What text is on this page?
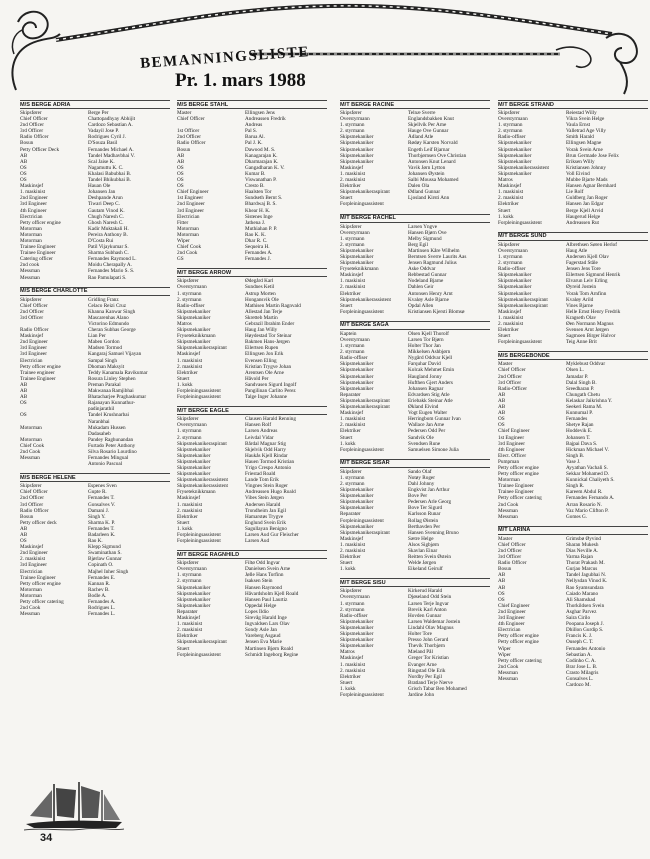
BEMANNINGSLISTE
Pr. 1. mars 1988
M/S BERGE ADRIA
Skipsfører	Berge Per
Chief Officer	Chattopadhyay Abhijit
2nd Officer	Cardozo Sebastian A.
3rd Officer	Vadayil Jose P.
Radio Officer	Rodrigues Cyril J.
Bosun	D'Souza Basil
Petty Officer Deck	Fernandes Michael A.
AB	Tandel Madhavbhai V.
AB	Scal Jaise K.
OS	Nagamuttu K. C.
OS	Khalasi Babubhai B.
OS	Tandel Bhikubhai B.
Maskinsjef	Hauan Ole
1. maskinist	Johansen Jan
2nd Engineer	Deshpande Arun
3rd Engineer	Tiwari Deep C.
4th Engineer	Gautam Vinod K.
Electrician	Chugh Naresh C.
Petty officer engine	Ghosh Naresh C.
Motorman	Kadir Muktakali H.
Motorman	Pereira Anthony B.
Motorman	D'Costa Rui
Trainee Engineer	Patil Vijaykumar S.
Trainee Engineer	Sharma Subhash C.
Catering officer	Fernandes Raymond L.
2nd cook	Moidu Cherapally A.
Messman	Fernandes Mario S. S.
Messman	Rao Pamulapati S.
M/S BERGE CHARLOTTE
Skipsfører	Gridling Franz
Chief Officer	Celaco Reizi Cruz
2nd Officer	Khanna Kanwar Singh
3rd Officer	Mascarenhas Alano
Victorino Edmundo
Radio Officer	Cheran Subhas George
Maskinsjef	Lian Per
2nd Engineer	Maben Gordon
3rd Engineer	Madsen Tormod
3rd Engineer	Kangaraj Samuel Vijayan
Electrician	Sampal Singh
Petty officer engine	Dhoman Maksyit
Trainee engineer	Teddy Kanamala Ravikumar
Trainee Engineer	Rosura Linley Stephen
AB	Preman Parakal
AB	Makwanaa Ramjibhai
AB	Bhatacharjee Praghaskumar
OS	Rajanayan Kunnathur-
padinjarathil
OS	Tandel Krushnarbai
Naranbhai
Motorman	Mukadam Hussen
Dadasaheb
Motorman	Pandey Raghunandan
Chief Cook	Furtado Peter Anthony
2nd Cook	Silva Rosario Lourdino
Messman	Fernandes Mingual
Antonio Pascoal
M/S BERGE HELENE
Skipsfører	Espenes Sven
Chief Officer	Gupte R.
2nd Officer	Fernandes T.
3rd Officer	Gonsalves V.
Radio Officer	Damani J.
Bosun	Singh Y.
Petty officer deck	Sharma K. P.
AB	Fernandes T.
AB	Badarleen K.
OS	Rao K.
Maskinsjef	Klepp Sigmund
2nd Engineer	Swaminathan S.
2. maskinist	Bjørlaw Gunnar
3rd Engineer	Copinath O.
Electrician	Majhel Inher Singh
Trainee Engineer	Fernandes E.
Petty officer engine	Kannan R.
Motorman	Rachev B.
Motorman	Bodle A.
Petty officer catering	Fernandes A.
2nd Cook	Rodrigues L.
Messman	Fernandes L.
M/S BERGE STAHL
Master	Ellingsen Jens
Chief Officer	Andreassen Fredrik
Andreas
1st Officer	Pal S.
2nd Officer	Barua Al.
Radio Officer	Pal J. K.
Bosun	Dawood M. S.
AB	Kanagarajan K.
AB	Dharmarajan K.
OS	Gangadharan K. V.
OS	Kumar B.
OS	Viswanathan P.
OS	Cresto B.
Chief Engineer	Haalsten Tor
1st Engineer	Sundseth Bernt S.
2nd Engineer	Bhardwaj B. S.
3rd Engineer	Khear H. K.
Electrician	Sistenes Inge
Fitter	Jathena J.
Motorman	Muthiahan P. P.
Motorman	Rao K. K.
Wiper	Dhar R. C.
Chief Cook	Sequeira H.
2nd Cook	Fernandes A.
GS	Fernandes J.
M/T BERGE ARROW
Skipsfører	Ødegård Karl
Overstyrmann	Sundnes Ketil
1. styrmann	Astrup Morten
2. styrmann	Hongansvik Ole
Radio-offiser	Mathisen Martin Ragnvald
Skipsmekaniker	Allestad Jan Terje
Skipsmekaniker	Skretteb Martin
Matros	Gebrazil Ibrahim Ender
Skipsmekaniker	Haug Jan Willy
Fryseteknikkmann	Høydestad Tor Steinar
Skipsmekaniker	Bakmen Hans-Jørgen
Skipsmekanikeraspirant	Eilertsen Rupen
Maskinsjef	Ellingsen Jon Erik
1. maskinist	Evensen Elling
2. maskinist	Kristian Trygve Johan
Elektriker	Arentsen Ole Arne
Stuert	Håvold Per
1. kokk	Sandvasen Sigurd Ingolf
Forpleiningsassistent	Pangilinan Carlito Perez
Forpleiningsassistent	Talge Inger Johanne
M/T BERGE EAGLE
Skipsfører	Clausen Harald Renning
Overstyrmann	Hansen Rolf
1. styrmann	Larsen Andreas
2. styrmann	Leivdal Vidar
Skipsmekanikeraspirant	Bårdal Magnar Stig
Skipsmekaniker	Skjelvik Odd Harry
Skipsmekaniker	Haukås Kjell Rindar
Skipsmekaniker	Hauen Tormod Kristian
Skipsmekaniker	Yrigo Crespo Antonio
Skipsmekaniker	Friestad Roald
Skipsmekanikerassistent	Lande Tom Erik
Skipsmekanikerassistent	Vingnes Stein Roger
Fryseteknikkmann	Andreassen Hugo Roald
Maskinsjef	Vibes Stein Jørgen
1. maskinist	Andersen Harald
2. maskinist	Trondheim Jan Egil
Elektriker	Hamarstøs Trygve
Stuert	Englund Svein Erik
1. kokk	Sagullayan Benigno
Forpleiningsassistent	Larsen Aud Gur Fleischer
Forpleiningsassistent	Larsen Aud
M/T BERGE RAGNHILD
Skipsfører	Filtø Odd Ingvar
Overstyrmann	Danielsen Svein Arne
1. styrmann	Jølle Hans Torfinn
2. styrmann	Isaksen Stein
Skipsmekaniker	Hansen Raymond
Skipsmekaniker	Håvardsholm Kjell Roald
Skipsmekaniker	Hansen Paul Laurtiz
Skipsmekaniker	Oppedal Helge
Reparatør	Lopes Ildio
Maskinsjef	Sirevåg Harald Inge
1. maskinist	Ingvaldsen Lars Olav
2. maskinist	Sondy Asle Jan
Elektriker	Vareberg Asgaud
Skipsmekanikeraspirant	Jensen Eva Marie
Stuert	Martinsen Bjørn Roald
Forpleiningsassistent	Schmidt Ingeborg Regine
M/T BERGE RACINE
Skipsfører	Telnæ Sverre
Overstyrmann	Englandsbakken Knut
1. styrmann	Skjellvik Per Arne
2. styrmann	Hauge Ove Gunnar
Skipsmekaniker	Ådland Atle
Skipsmekaniker	Rødøy Karsten Norvald
Skipsmekaniker	Engeth Leif Bjarnar
Skipsmekaniker	Thorbjørnsen Ove Christian
Skipsmekaniker	Antonsen Knut Lenard
Maskinsjef	Vavik Jørn Lytton
1. maskinist	Johansen Øystein
2. maskinist	Salbi Moussa Mohamed
Elektriker	Dalen Ola
Skipsmekanikeraspirant	Ødland Gunnar
Stuert	Ljosland Kirsti Ann
Forpleiningsassistent
M/T BERGE RACHEL
Skipsfører	Larsen Yngve
Overstyrmann	Hansen Bjørn Ove
1. styrmann	Melby Sigmund
2. styrmann	Berg Egil
Skipsmekaniker	Martinsen Kåre Wilhelm
Skipsmekaniker	Berntsen Sverre Laurits Aas
Skipsmekaniker	Jensen Ragmund Julius
Fryseteknikkmann	Aske Oddvar
Maskinsjef	Rebbestad Gunnar
1. maskinist	Nodeland Bjarne
2. maskinist	Dahlen Geir
Elektriker	Antonsen Henry Arnt
Skipsmekanikerassistent	Kvaløy Asle Bjarne
Stuert	Opdal Allen
Forpleiningsassistent	Kristiansen Kjersti Blomsø
M/T BERGE SAGA
Kaptein	Olsen Kjell Thorolf
Overstyrmann	Larsen Tor Bjørn
1. styrmann	Holter Thor Jan
2. styrmann	Mikkelsen Ashbjørn
Radio-offiser	Nygård Oddvar Kjell
Skipsmekaniker	Farquhar David
Skipsmekaniker	Kolcak Mehmet Emin
Skipsmekaniker	Haugland Jonny
Skipsmekaniker	Hufthen Gjert Anders
Skipsmekaniker	Johansen Ragnar
Reparatør	Edvardsen Stig Atle
Skipsmekanikeraspirant	Eriebakk Steinar Atle
Skipsmekanikeraspirant	Økland Eivind
Maskinsjef	Vogt Eugen Walter
1. maskinist	Herringbom Gunnar Ivan
2. maskinist	Wallace Jan Arne
Elektriker	Pedersen Odd Per
Stuert	Sandvik Ole
1. kokk	Svendsen Rune
Forpleiningsassistent	Samuelsen Simone Julia
M/T BERGE SISAR
Skipsfører	Sando Olaf
1. styrmann	Notøy Roger
2. styrmann	Dahl Johnny
Skipsmekaniker	Engkvist Jan Arthur
Skipsmekaniker	Bove Per
Skipsmekaniker	Pedersen Arle Georg
Skipsmekaniker	Bove Ter Sigurd
Reparatør	Karlsson Runar
Forpleiningsassistent	Rollag Øistein
Skipsmekaniker	Berthavden Per
Skipsmekanikeraspirant	Hansen Svenning Bruno
Maskinsjef	Sætre Helge
1. maskinist	Alsos Sigbjørn
2. maskinist	Skavlan Einar
Elektriker	Reitten Svein Østein
Stuert	Welde Jørgen
1. kokk	Eikeland Geirulf
M/T BERGE SISU
Skipsfører	Kirkerud Harald
Overstyrmann	Djøseland Odd Stein
1. styrmann	Larsen Terje Ingvar
2. styrmann	Brevik Karl Anton
Radio-offiser	Hovden Gunnar
Skipsmekaniker	Larsen Waldemar Jostein
Skipsmekaniker	Lindahl Olav Magnus
Skipsmekaniker	Holter Tore
Skipsmekaniker	Presso John Gerard
Skipsmekaniker	Thevik Thorbjørn
Matros	Mæland Pål
Maskinsjef	Greger Tor Kristian
1. maskinist	Evanger Arne
2. maskinist	Ringstad Ole Erik
Elektriker	Nordby Per Egil
Stuert	Bratland Terje Nærve
1. kokk	Grisch Tabar Ben Mohamed
Forpleiningsassistent	Jardine John
M/T BERGE STRAND
Skipsfører	Reiestad Willy
Overstyrmann	Vikra Svein Helge
1. styrmann	Vaula Ernst
2. styrmann	Valletrad Age Villy
Radio-offiser	Smith Harald
Skipsmekaniker	Ellingsen Magne
Skipsmekaniker	Vorak Svein Arne
Skipsmekaniker	Brun Germade Jose Felix
Skipsmekaniker	Eriksen Willy
Skipsmekanikerassistent	Kristiansen Johnny
Skipsmekaniker	Voll Eivind
Matros	Mubbe Bjarte Mads
Maskinsjef	Hansen Agnar Bernhard
1. maskinist	Lie Rolf
2. maskinist	Guldberg Jan Roger
Elektriker	Hansen Jan Edgar
Stuert	Berge Kjell Arvid
1. kokk	Haugerud Helge
Forpleiningsassistent	Andreassen Rut
M/T BERGE SUND
Skipsfører	Albrethsen Søren Herlof
Overstyrmann	Haug Atle
1. styrmann	Andersen Kjell Olav
2. styrmann	Fagerstad Ståle
Radio-offiser	Jensen Jens Tore
Skipsmekaniker	Eilertsen Sigmund Henrik
Skipsmekaniker	Elvarun Leiv Erling
Skipsmekaniker	Øyreid Jostein
Skipsmekaniker	Vorak Tom Arnfinn
Skipsmekanikeraspirant	Kvaløy Arild
Skipsmekanikeraspirant	Vines Bjarne
Maskinsjef	Helle Ernst Henry Fredrik
1. maskinist	Kragseth Olav
2. maskinist	Øen Normann Magnus
Elektriker	Svensen Arnt Jørgen
Stuert	Sagmoen Birger Halvor
Forpleiningsassistent	Teig Anne Brit
M/S BERGEBONDE
Master	Myklebust Oddvar
Chief Officer	Olsen L.
2nd Officer	Jamadar P.
3rd Officer	Dalal Singh B.
Radio-Officer	Sreedharan P.
AB	Chungath Chetu
AB	Kelaskar Jaikrishna Y.
AB	Seekeri Rama M.
AB	Kunnumal P.
OS	Fernandes
OS	Shetye Rajan
Chief Engineer	Hoddevik E.
1st Engineer	Johansen T.
3rd Engineer	Bajpai Dava S.
4th Engineer	Hickman Michael V.
Elect. Officer	Singh B.
Pumpman	Vase J.
Petty officer engine	Ayyathan Vachali S.
Petty officer engine	Sekkar Mohamed D.
Motorman	Kunnickal Chaliyeth S.
Trainee Engineer	Singh R.
Trainee Engineer	Kareem Abdul R.
Petty officer catering	Fernandes Fernando A.
2nd Cook	Arran Rosario N.
Messman	Vaz Mario Clifton P.
Messman	Gomes G.
M/T LARINA
Master	Grimsbø Øyvind
Chief Officer	Sharan Mukesh
2nd Officer	Dias Neville A.
3rd Officer	Varma Rajan
Radio Officer	Thorat Prakash M.
Bosun	Gurjao Marcus
AB	Tandel Jagubhai N.
AB	Nellysdan Vinod K.
AB	Rao Syamsundara
OS	Caiado Marano
OS	Ali Shamshad
Chief Engineer	Thorkildsen Svein
2nd Engineer	Asghar Parvez
3rd Engineer	Saira Cirilo
4th Engineer	Poopana Joseph J.
Electrician	Dhillon Gurdip S.
Petty officer engine	Francis K. J.
Petty officer engine	Ouseph C. T.
Wiper	Fernandes Antonio
Wiper	Sebastian A.
Petty officer catering	Codinho C. A.
2nd Cook	Brar Jose L. B.
Messman	Crasto Milagris
Messman	Gonsalves L.
Cardozo M.
34
